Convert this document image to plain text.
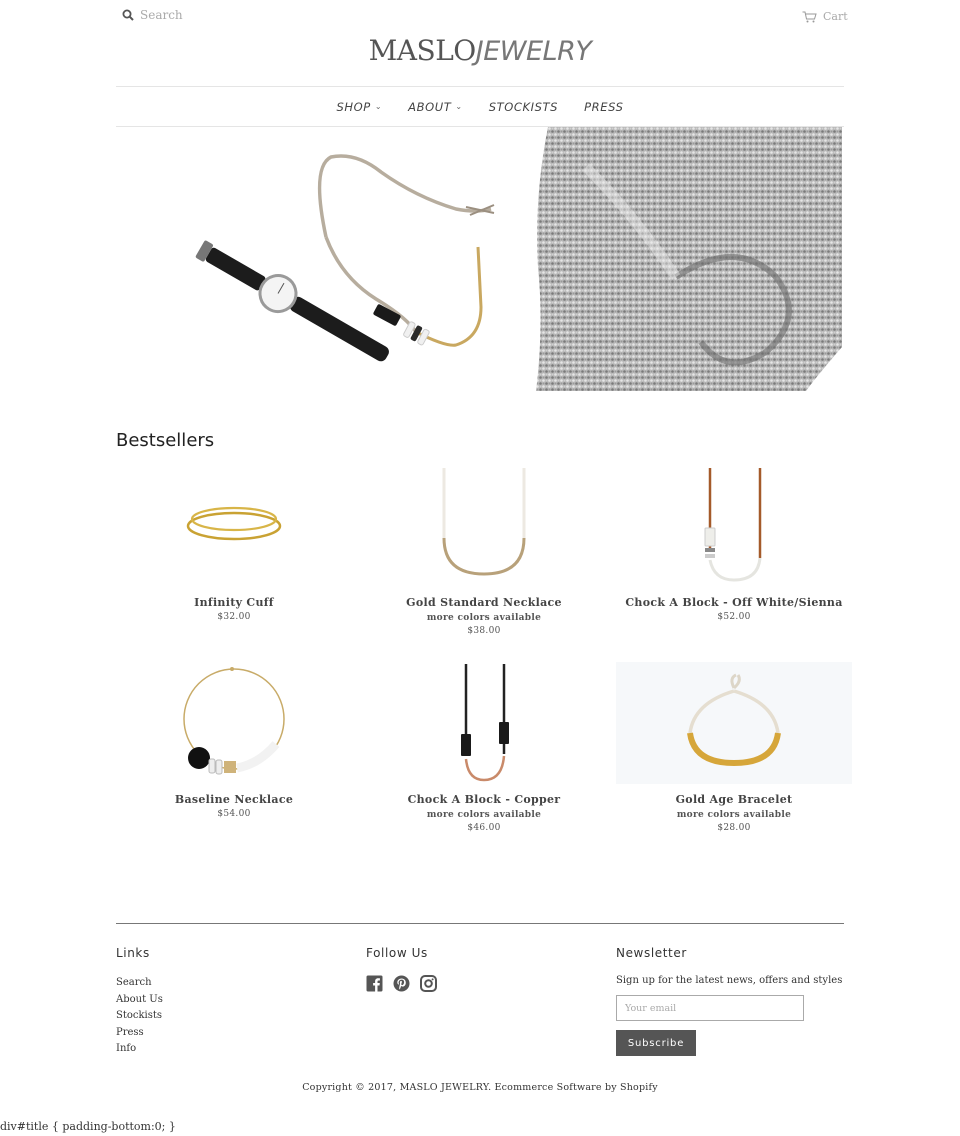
Search
Cart
MASLOJEWELRY
SHOP ⌄ ABOUT ⌄ STOCKISTS PRESS
Bestsellers
Infinity Cuff
$32.00
Gold Standard Necklace
more colors available
$38.00
Chock A Block - Off White/Sienna
$52.00
Baseline Necklace
$54.00
Chock A Block - Copper
more colors available
$46.00
Gold Age Bracelet
more colors available
$28.00
Links
Search
About Us
Stockists
Press
Info
Follow Us	Newsletter

Sign up for the latest news, offers and styles

Your email Subscribe
Copyright © 2017, MASLO JEWELRY. Ecommerce Software by Shopify
div#title { padding-bottom:0; }
